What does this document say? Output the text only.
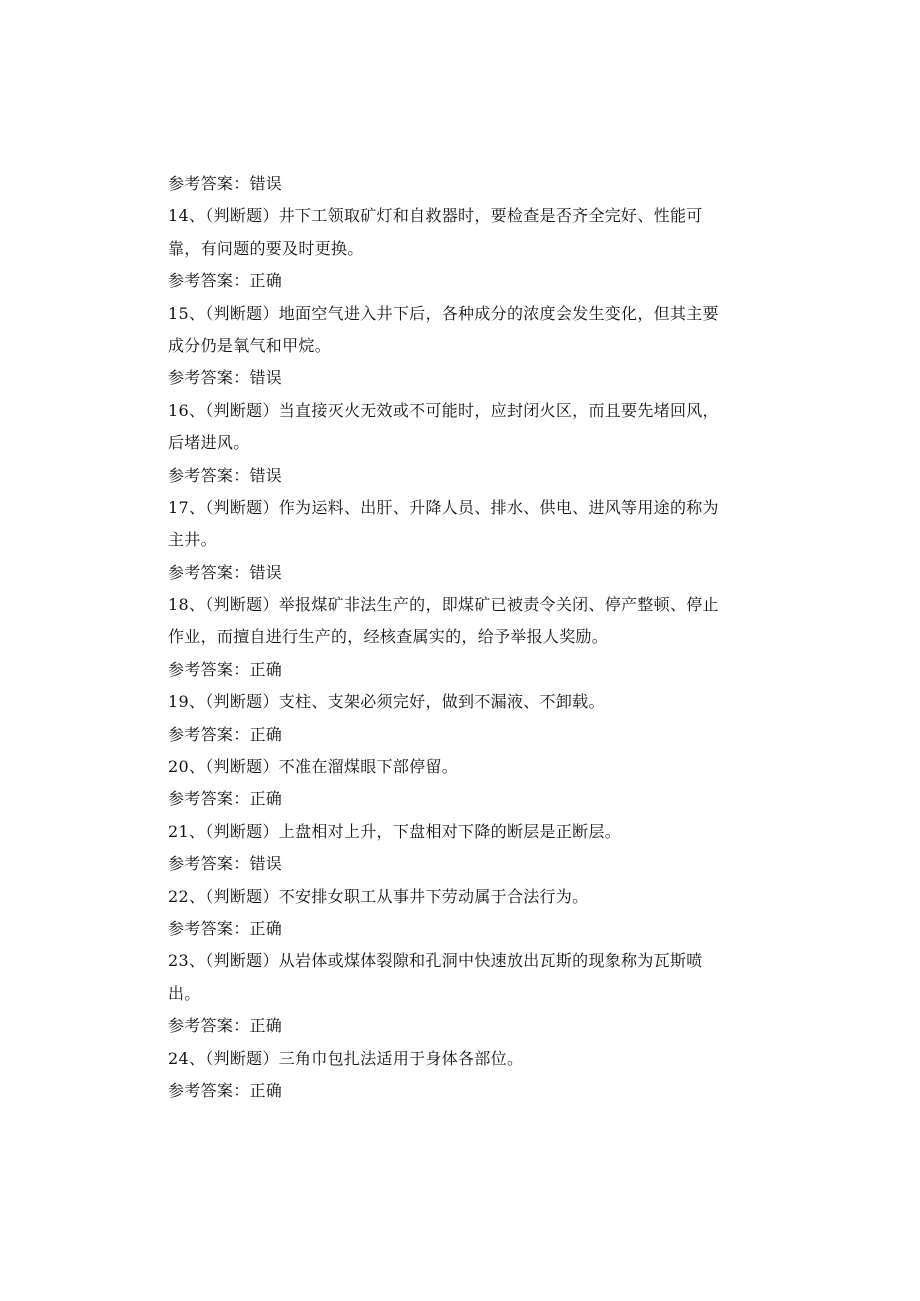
参考答案：错误
14、（判断题）井下工领取矿灯和自救器时，要检查是否齐全完好、性能可
靠，有问题的要及时更换。
参考答案：正确
15、（判断题）地面空气进入井下后，各种成分的浓度会发生变化，但其主要
成分仍是氧气和甲烷。
参考答案：错误
16、（判断题）当直接灭火无效或不可能时，应封闭火区，而且要先堵回风，
后堵进风。
参考答案：错误
17、（判断题）作为运料、出肝、升降人员、排水、供电、进风等用途的称为
主井。
参考答案：错误
18、（判断题）举报煤矿非法生产的，即煤矿已被责令关闭、停产整顿、停止
作业，而擅自进行生产的，经核查属实的，给予举报人奖励。
参考答案：正确
19、（判断题）支柱、支架必须完好，做到不漏液、不卸载。
参考答案：正确
20、（判断题）不准在溜煤眼下部停留。
参考答案：正确
21、（判断题）上盘相对上升，下盘相对下降的断层是正断层。
参考答案：错误
22、（判断题）不安排女职工从事井下劳动属于合法行为。
参考答案：正确
23、（判断题）从岩体或煤体裂隙和孔洞中快速放出瓦斯的现象称为瓦斯喷
出。
参考答案：正确
24、（判断题）三角巾包扎法适用于身体各部位。
参考答案：正确
